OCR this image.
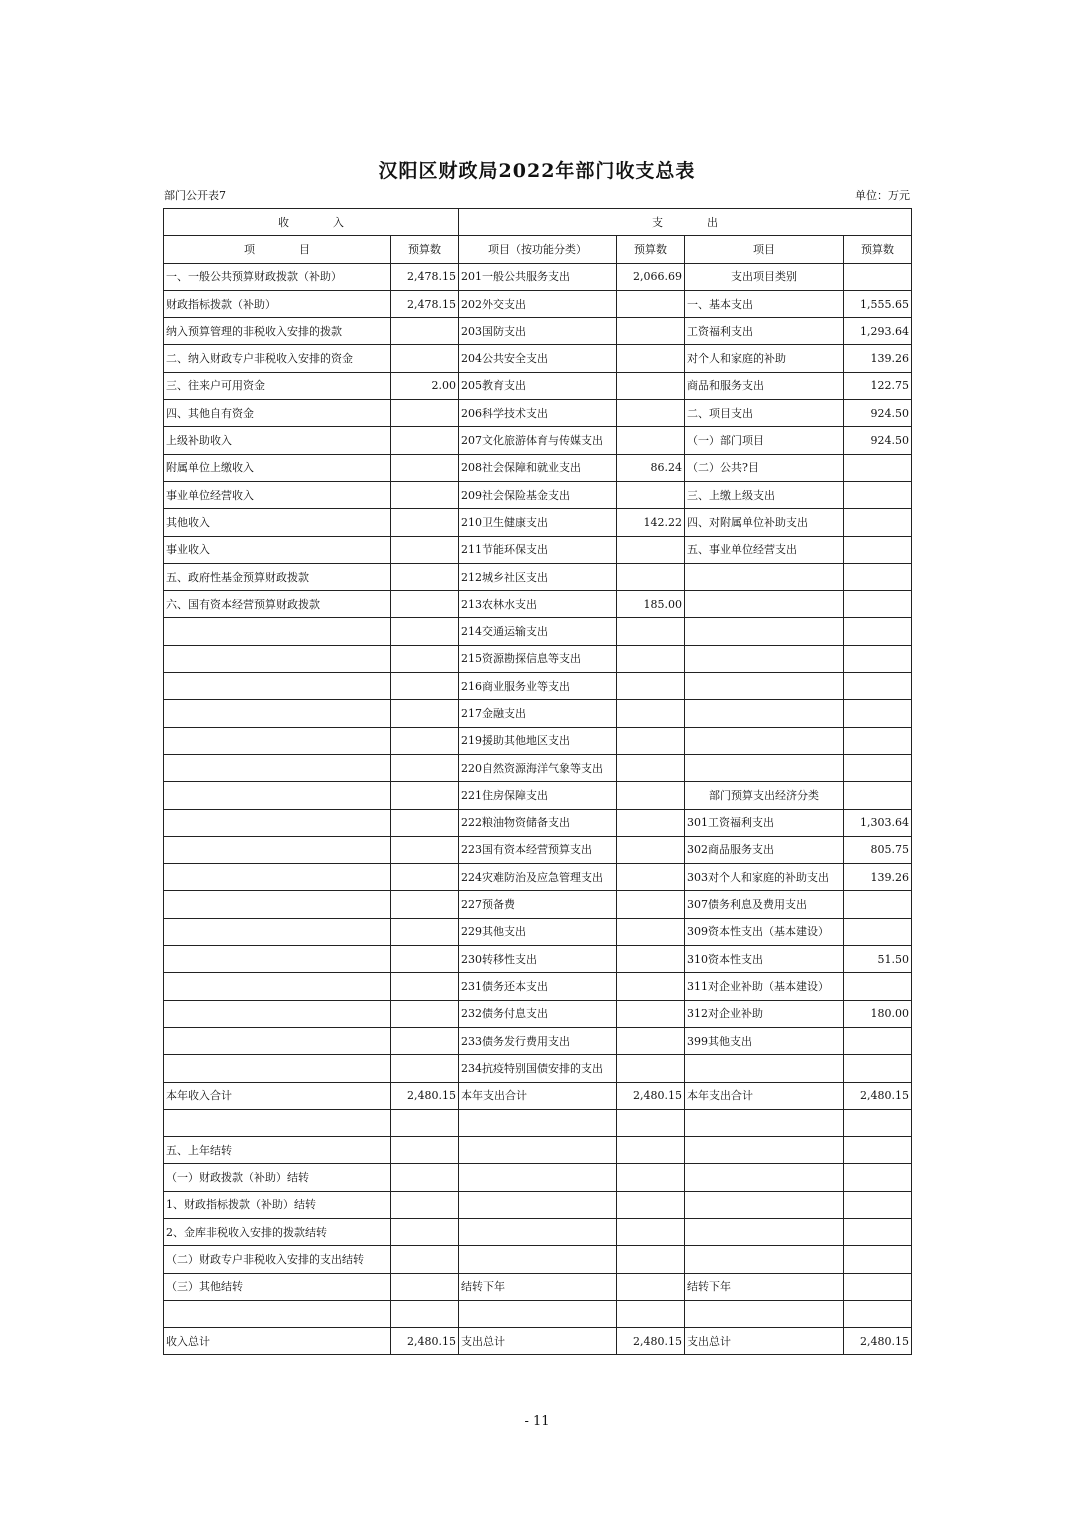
汉阳区财政局2022年部门收支总表
部门公开表7	单位：万元
收　　　　入		支　　　　出			
项　　　　目	预算数	项目（按功能分类）	预算数	项目	预算数
一、一般公共预算财政拨款（补助）	2,478.15	201一般公共服务支出	2,066.69	支出项目类别	
财政指标拨款（补助）	2,478.15	202外交支出		一、基本支出	1,555.65
纳入预算管理的非税收入安排的拨款		203国防支出		工资福利支出	1,293.64
二、纳入财政专户非税收入安排的资金		204公共安全支出		对个人和家庭的补助	139.26
三、往来户可用资金	2.00	205教育支出		商品和服务支出	122.75
四、其他自有资金		206科学技术支出		二、项目支出	924.50
上级补助收入		207文化旅游体育与传媒支出		（一）部门项目	924.50
附属单位上缴收入		208社会保障和就业支出	86.24	（二）公共?目	
事业单位经营收入		209社会保险基金支出		三、上缴上级支出	
其他收入		210卫生健康支出	142.22	四、对附属单位补助支出	
事业收入		211节能环保支出		五、事业单位经营支出	
五、政府性基金预算财政拨款		212城乡社区支出			
六、国有资本经营预算财政拨款		213农林水支出	185.00		
		214交通运输支出			
		215资源勘探信息等支出			
		216商业服务业等支出			
		217金融支出			
		219援助其他地区支出			
		220自然资源海洋气象等支出			
		221住房保障支出		部门预算支出经济分类	
		222粮油物资储备支出		301工资福利支出	1,303.64
		223国有资本经营预算支出		302商品服务支出	805.75
		224灾难防治及应急管理支出		303对个人和家庭的补助支出	139.26
		227预备费		307债务利息及费用支出	
		229其他支出		309资本性支出（基本建设）	
		230转移性支出		310资本性支出	51.50
		231债务还本支出		311对企业补助（基本建设）	
		232债务付息支出		312对企业补助	180.00
		233债务发行费用支出		399其他支出	
		234抗疫特别国债安排的支出			
本年收入合计	2,480.15	本年支出合计	2,480.15	本年支出合计	2,480.15

五、上年结转					
（一）财政拨款（补助）结转					
1、财政指标拨款（补助）结转					
2、金库非税收入安排的拨款结转					
（二）财政专户非税收入安排的支出结转					
（三）其他结转		结转下年		结转下年	

收入总计	2,480.15	支出总计	2,480.15	支出总计	2,480.15
- 11
